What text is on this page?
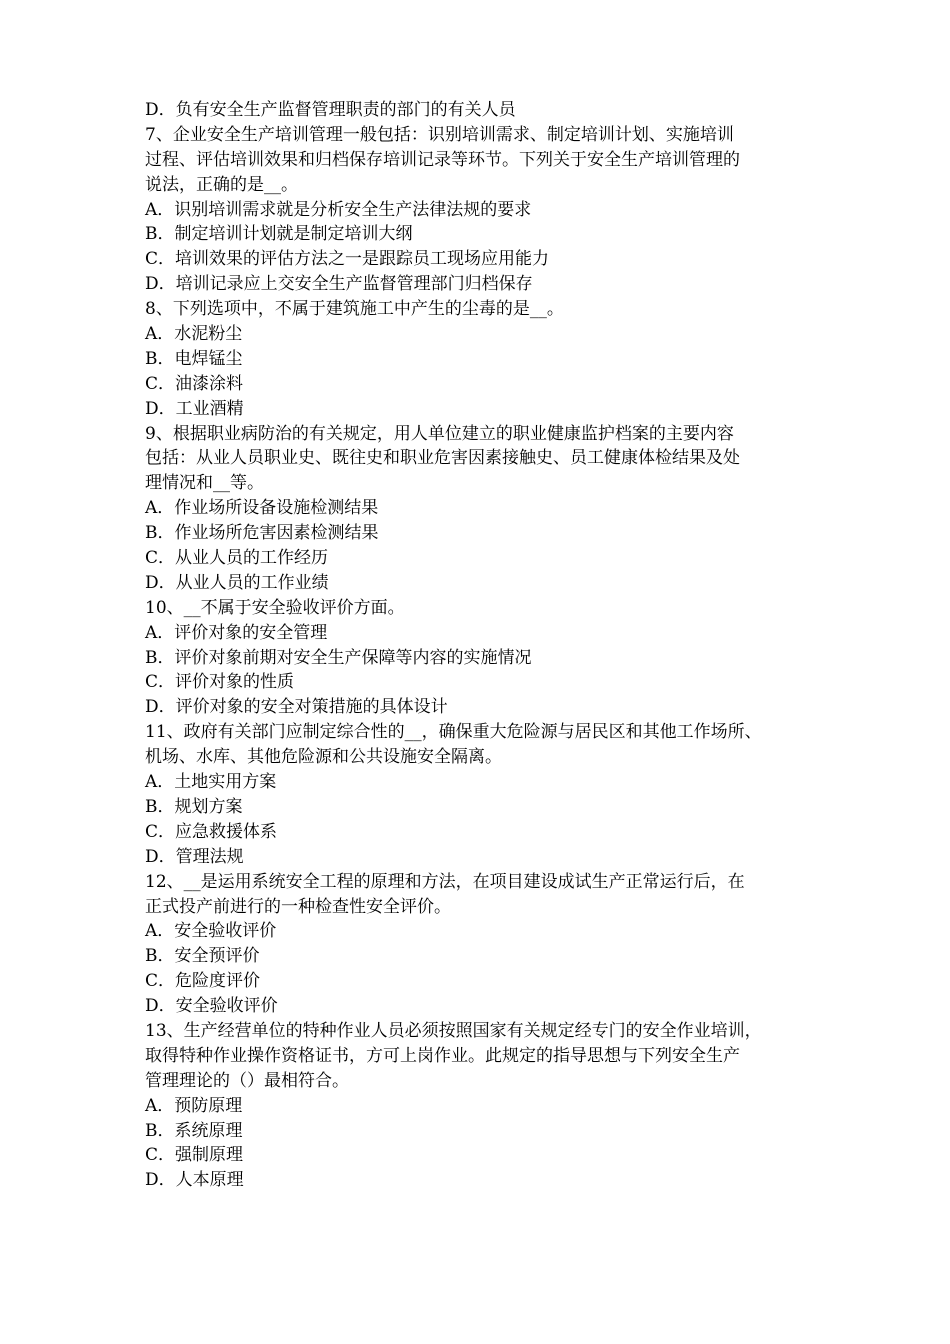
D．负有安全生产监督管理职责的部门的有关人员
7、企业安全生产培训管理一般包括：识别培训需求、制定培训计划、实施培训
过程、评估培训效果和归档保存培训记录等环节。下列关于安全生产培训管理的
说法，正确的是__。
A．识别培训需求就是分析安全生产法律法规的要求
B．制定培训计划就是制定培训大纲
C．培训效果的评估方法之一是跟踪员工现场应用能力
D．培训记录应上交安全生产监督管理部门归档保存
8、下列选项中，不属于建筑施工中产生的尘毒的是__。
A．水泥粉尘
B．电焊锰尘
C．油漆涂料
D．工业酒精
9、根据职业病防治的有关规定，用人单位建立的职业健康监护档案的主要内容
包括：从业人员职业史、既往史和职业危害因素接触史、员工健康体检结果及处
理情况和__等。
A．作业场所设备设施检测结果
B．作业场所危害因素检测结果
C．从业人员的工作经历
D．从业人员的工作业绩
10、__不属于安全验收评价方面。
A．评价对象的安全管理
B．评价对象前期对安全生产保障等内容的实施情况
C．评价对象的性质
D．评价对象的安全对策措施的具体设计
11、政府有关部门应制定综合性的__，确保重大危险源与居民区和其他工作场所、
机场、水库、其他危险源和公共设施安全隔离。
A．土地实用方案
B．规划方案
C．应急救援体系
D．管理法规
12、__是运用系统安全工程的原理和方法，在项目建设成试生产正常运行后，在
正式投产前进行的一种检查性安全评价。
A．安全验收评价
B．安全预评价
C．危险度评价
D．安全验收评价
13、生产经营单位的特种作业人员必须按照国家有关规定经专门的安全作业培训，
取得特种作业操作资格证书，方可上岗作业。此规定的指导思想与下列安全生产
管理理论的（）最相符合。
A．预防原理
B．系统原理
C．强制原理
D．人本原理
